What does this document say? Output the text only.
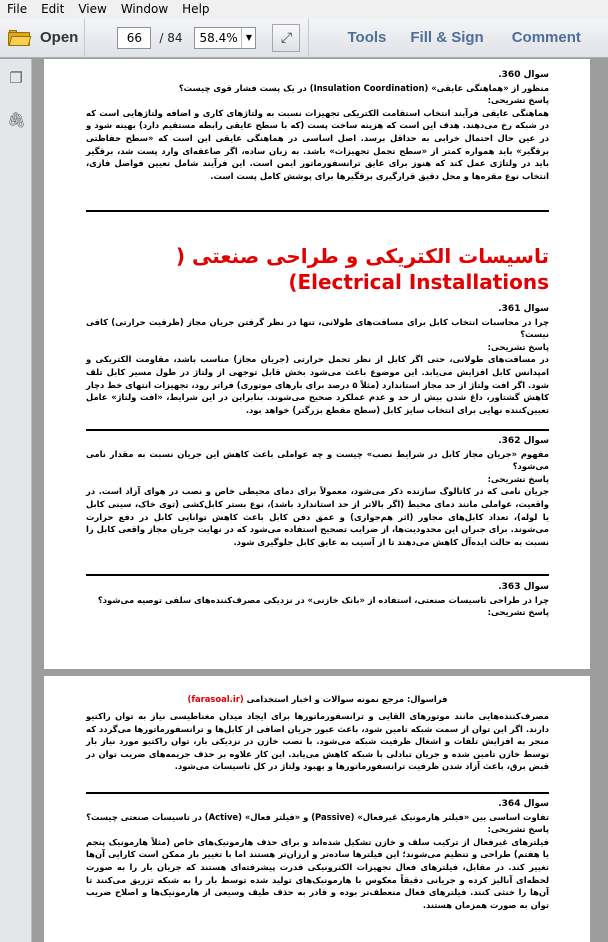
File	Edit	View	Window	Help
Open	66	/ 84	58.4%	▼ ⤢	Tools Fill & Sign Comment
❐
🖇
سوال 360.
منظور از «هماهنگی عایقی» (Insulation Coordination) در یک پست فشار قوی چیست؟
پاسخ تشریحی:
هماهنگی عایقی فرآیند انتخاب استقامت الکتریکی تجهیزات نسبت به ولتاژهای کاری و اضافه ولتاژهایی است که در شبکه رخ می‌دهند. هدف این است که هزینه ساخت پست (که با سطح عایقی رابطه مستقیم دارد) بهینه شود و در عین حال احتمال خرابی به حداقل برسد. اصل اساسی در هماهنگی عایقی این است که «سطح حفاظتی برقگیر» باید همواره کمتر از «سطح تحمل تجهیزات» باشد. به زبان ساده، اگر صاعقه‌ای وارد پست شد، برقگیر باید در ولتاژی عمل کند که هنوز برای عایق ترانسفورماتور ایمن است. این فرآیند شامل تعیین فواصل فازی، انتخاب نوع مقره‌ها و محل دقیق قرارگیری برقگیرها برای پوشش کامل پست است.
تاسیسات الکتریکی و طراحی صنعتی ( Electrical Installations)
سوال 361.
چرا در محاسبات انتخاب کابل برای مسافت‌های طولانی، تنها در نظر گرفتن جریان مجاز (ظرفیت حرارتی) کافی نیست؟
پاسخ تشریحی:
در مسافت‌های طولانی، حتی اگر کابل از نظر تحمل حرارتی (جریان مجاز) مناسب باشد، مقاومت الکتریکی و امپدانس کابل افزایش می‌یابد. این موضوع باعث می‌شود بخش قابل توجهی از ولتاژ در طول مسیر کابل تلف شود. اگر افت ولتاژ از حد مجاز استاندارد (مثلاً ۵ درصد برای بارهای موتوری) فراتر رود، تجهیزات انتهای خط دچار کاهش گشتاور، داغ شدن بیش از حد و عدم عملکرد صحیح می‌شوند. بنابراین در این شرایط، «افت ولتاژ» عامل تعیین‌کننده نهایی برای انتخاب سایز کابل (سطح مقطع بزرگتر) خواهد بود.
سوال 362.
مفهوم «جریان مجاز کابل در شرایط نصب» چیست و چه عواملی باعث کاهش این جریان نسبت به مقدار نامی می‌شود؟
پاسخ تشریحی:
جریان نامی که در کاتالوگ سازنده ذکر می‌شود، معمولاً برای دمای محیطی خاص و نصب در هوای آزاد است. در واقعیت، عواملی مانند دمای محیط (اگر بالاتر از حد استاندارد باشد)، نوع بستر کابل‌کشی (توی خاک، سینی کابل یا لوله)، تعداد کابل‌های مجاور (اثر هم‌جواری) و عمق دفن کابل باعث کاهش توانایی کابل در دفع حرارت می‌شوند. برای جبران این محدودیت‌ها، از ضرایب تصحیح استفاده می‌شود که در نهایت جریان مجاز واقعی کابل را نسبت به حالت ایده‌آل کاهش می‌دهند تا از آسیب به عایق کابل جلوگیری شود.
سوال 363.
چرا در طراحی تاسیسات صنعتی، استفاده از «بانک خازنی» در نزدیکی مصرف‌کننده‌های سلفی توصیه می‌شود؟
پاسخ تشریحی:
فراسوال: مرجع نمونه سوالات و اخبار استخدامی (farasoal.ir)
مصرف‌کننده‌هایی مانند موتورهای القایی و ترانسفورماتورها برای ایجاد میدان مغناطیسی نیاز به توان راکتیو دارند. اگر این توان از سمت شبکه تامین شود، باعث عبور جریان اضافی از کابل‌ها و ترانسفورماتورها می‌گردد که منجر به افزایش تلفات و اشغال ظرفیت شبکه می‌شود. با نصب خازن در نزدیکی بار، توان راکتیو مورد نیاز بار توسط خازن تامین شده و جریان تبادلی با شبکه کاهش می‌یابد. این کار علاوه بر حذف جریمه‌های ضریب توان در قبض برق، باعث آزاد شدن ظرفیت ترانسفورماتورها و بهبود ولتاژ در کل تاسیسات می‌شود.
سوال 364.
تفاوت اساسی بین «فیلتر هارمونیک غیرفعال» (Passive) و «فیلتر فعال» (Active) در تاسیسات صنعتی چیست؟
پاسخ تشریحی:
فیلترهای غیرفعال از ترکیب سلف و خازن تشکیل شده‌اند و برای حذف هارمونیک‌های خاص (مثلاً هارمونیک پنجم یا هفتم) طراحی و تنظیم می‌شوند؛ این فیلترها ساده‌تر و ارزان‌تر هستند اما با تغییر بار ممکن است کارایی آن‌ها تغییر کند. در مقابل، فیلترهای فعال تجهیزات الکترونیکی قدرت پیشرفته‌ای هستند که جریان بار را به صورت لحظه‌ای آنالیز کرده و جریانی دقیقاً معکوس با هارمونیک‌های تولید شده توسط بار را به شبکه تزریق می‌کنند تا آن‌ها را خنثی کنند. فیلترهای فعال منعطف‌تر بوده و قادر به حذف طیف وسیعی از هارمونیک‌ها و اصلاح ضریب توان به صورت همزمان هستند.
